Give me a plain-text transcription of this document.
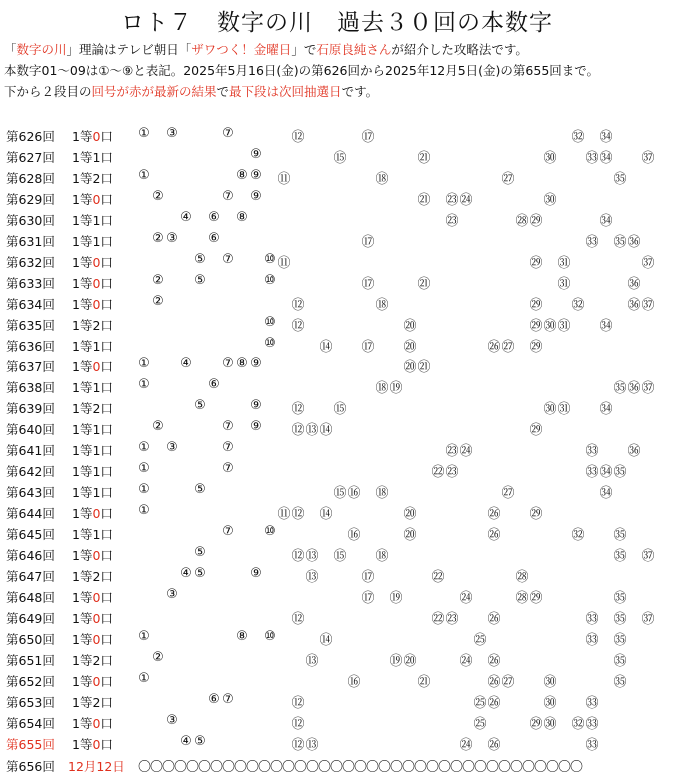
ロト７　数字の川　過去３０回の本数字
「数字の川」理論はテレビ朝日「ザワつく！金曜日」で石原良純さんが紹介した攻略法です。
本数字01～09は①～⑨と表記。2025年5月16日(金)の第626回から2025年12月5日(金)の第655回まで。
下から２段目の回号が赤が最新の結果で最下段は次回抽選日です。
第626回 1等0口 ① ③	⑦	⑫	⑰	㉜ ㉞
第627回 1等1口	⑨	⑮	㉑	㉚ ㉝ ㉞ ㊲
第628回 1等2口 ①	⑧ ⑨ ⑪	⑱	㉗	㉟
第629回 1等0口	②	⑦ ⑨	㉑ ㉓ ㉔	㉚
第630回 1等1口	④ ⑥ ⑧	㉓	㉘ ㉙	㉞
第631回 1等1口	② ③ ⑥	⑰	㉝ ㉟ ㊱
第632回 1等0口	⑤ ⑦ ⑩ ⑪	㉙ ㉛	㊲
第633回 1等0口	② ⑤	⑩	⑰	㉑	㉛	㊱
第634回 1等0口	②	⑫	⑱	㉙ ㉜	㊱ ㊲
第635回 1等2口	⑩ ⑫	⑳	㉙ ㉚ ㉛ ㉞
第636回 1等1口	⑩	⑭ ⑰ ⑳	㉖ ㉗ ㉙
第637回 1等0口 ① ④ ⑦ ⑧ ⑨	⑳ ㉑
第638回 1等1口 ①	⑥	⑱ ⑲	㉟ ㊱ ㊲
第639回 1等2口	⑤	⑨ ⑫ ⑮	㉚ ㉛ ㉞
第640回 1等1口	②	⑦ ⑨ ⑫ ⑬ ⑭	㉙
第641回 1等1口 ① ③	⑦	㉓ ㉔	㉝ ㊱
第642回 1等1口 ①	⑦	㉒ ㉓	㉝ ㉞ ㉟
第643回 1等1口 ①	⑤	⑮ ⑯ ⑱	㉗	㉞
第644回 1等0口 ①	⑪ ⑫ ⑭	⑳	㉖ ㉙
第645回 1等1口	⑦ ⑩	⑯	⑳	㉖	㉜ ㉟
第646回 1等0口	⑤	⑫ ⑬ ⑮ ⑱	㉟ ㊲
第647回 1等2口	④ ⑤	⑨	⑬	⑰	㉒	㉘
第648回 1等0口	③	⑰ ⑲	㉔	㉘ ㉙	㉟
第649回 1等0口	⑫	㉒ ㉓ ㉖	㉝ ㉟ ㊲
第650回 1等0口 ①	⑧ ⑩	⑭	㉕	㉝ ㉟
第651回 1等2口	②	⑬	⑲ ⑳	㉔ ㉖	㉟
第652回 1等0口 ①	⑯	㉑	㉖ ㉗ ㉚	㉟
第653回 1等2口	⑥ ⑦	⑫	㉕ ㉖	㉚ ㉝
第654回 1等0口	③	⑫	㉕	㉙ ㉚ ㉜ ㉝
第655回 1等0口	④ ⑤	⑫ ⑬	㉔ ㉖	㉝
第656回 12月12日 〇〇〇〇〇〇〇〇〇〇〇〇〇〇〇〇〇〇〇〇〇〇〇〇〇〇〇〇〇〇〇〇〇〇〇〇〇
